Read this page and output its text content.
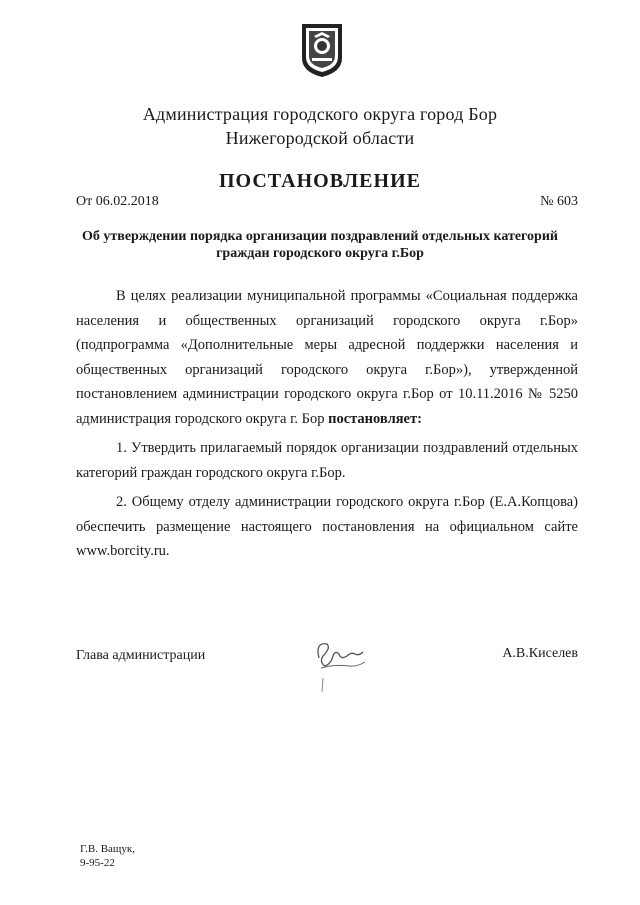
Администрация городского округа город Бор
Нижегородской области
ПОСТАНОВЛЕНИЕ
От 06.02.2018	№ 603
Об утверждении порядка организации поздравлений отдельных категорий граждан городского округа г.Бор
В целях реализации муниципальной программы «Социальная поддержка населения и общественных организаций городского округа г.Бор» (подпрограмма «Дополнительные меры адресной поддержки населения и общественных организаций городского округа г.Бор»), утвержденной постановлением администрации городского округа г.Бор от 10.11.2016 № 5250 администрация городского округа г. Бор постановляет:
1. Утвердить прилагаемый порядок организации поздравлений отдельных категорий граждан городского округа г.Бор.
2. Общему отделу администрации городского округа г.Бор (Е.А.Копцова) обеспечить размещение настоящего постановления на официальном сайте www.borcity.ru.
Глава администрации	А.В.Киселев
Г.В. Ващук,
9-95-22
